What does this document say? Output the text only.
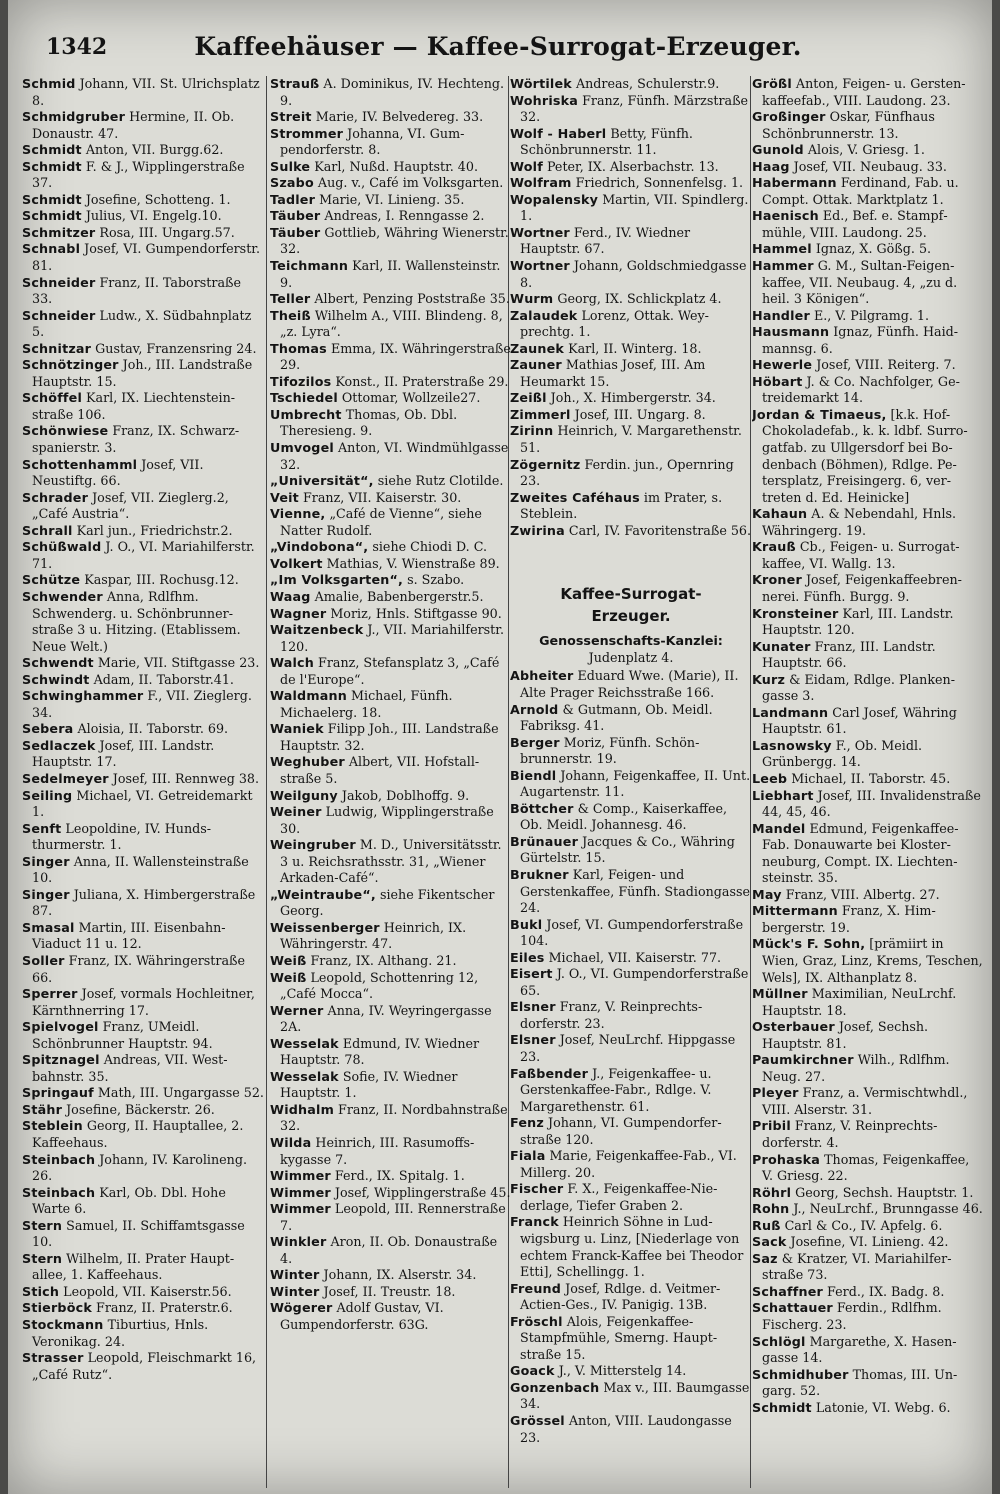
1342	Kaffeehäuser — Kaffee-Surrogat-Erzeuger.

Schmid Johann, VII. St. Ulrichsplatz 8.

Schmidgruber Hermine, II. Ob. Donaustr. 47.

Schmidt Anton, VII. Burgg.62.

Schmidt F. & J., Wipplingerstraße 37.

Schmidt Josefine, Schotteng. 1.

Schmidt Julius, VI. Engelg.10.

Schmitzer Rosa, III. Ungarg.57.

Schnabl Josef, VI. Gumpendorferstr. 81.

Schneider Franz, II. Taborstraße 33.

Schneider Ludw., X. Südbahnplatz 5.

Schnitzar Gustav, Franzensring 24.

Schnötzinger Joh., III. Landstraße Hauptstr. 15.

Schöffel Karl, IX. Liechtensteinstraße 106.

Schönwiese Franz, IX. Schwarzspanierstr. 3.

Schottenhamml Josef, VII. Neustiftg. 66.

Schrader Josef, VII. Zieglerg.2, „Café Austria“.

Schrall Karl jun., Friedrichstr.2.

Schüßwald J. O., VI. Mariahilferstr. 71.

Schütze Kaspar, III. Rochusg.12.

Schwender Anna, Rdlfhm. Schwenderg. u. Schönbrunnerstraße 3 u. Hitzing. (Etablissem. Neue Welt.)

Schwendt Marie, VII. Stiftgasse 23.

Schwindt Adam, II. Taborstr.41.

Schwinghammer F., VII. Zieglerg. 34.

Sebera Aloisia, II. Taborstr. 69.

Sedlaczek Josef, III. Landstr. Hauptstr. 17.

Sedelmeyer Josef, III. Rennweg 38.

Seiling Michael, VI. Getreidemarkt 1.

Senft Leopoldine, IV. Hundsthurmerstr. 1.

Singer Anna, II. Wallensteinstraße 10.

Singer Juliana, X. Himbergerstraße 87.

Smasal Martin, III. Eisenbahn-Viaduct 11 u. 12.

Soller Franz, IX. Währingerstraße 66.

Sperrer Josef, vormals Hochleitner, Kärnthnerring 17.

Spielvogel Franz, UMeidl. Schönbrunner Hauptstr. 94.

Spitznagel Andreas, VII. Westbahnstr. 35.

Springauf Math, III. Ungargasse 52.

Stähr Josefine, Bäckerstr. 26.

Steblein Georg, II. Hauptallee, 2. Kaffeehaus.

Steinbach Johann, IV. Karolineng. 26.

Steinbach Karl, Ob. Dbl. Hohe Warte 6.

Stern Samuel, II. Schiffamtsgasse 10.

Stern Wilhelm, II. Prater Hauptallee, 1. Kaffeehaus.

Stich Leopold, VII. Kaiserstr.56.

Stierböck Franz, II. Praterstr.6.

Stockmann Tiburtius, Hnls. Veronikag. 24.

Strasser Leopold, Fleischmarkt 16, „Café Rutz“.

Strauß A. Dominikus, IV. Hechteng. 9.

Streit Marie, IV. Belvedereg. 33.

Strommer Johanna, VI. Gumpendorferstr. 8.

Sulke Karl, Nußd. Hauptstr. 40.

Szabo Aug. v., Café im Volksgarten.

Tadler Marie, VI. Linieng. 35.

Täuber Andreas, I. Renngasse 2.

Täuber Gottlieb, Währing Wienerstr. 32.

Teichmann Karl, II. Wallensteinstr. 9.

Teller Albert, Penzing Poststraße 35.

Theiß Wilhelm A., VIII. Blindeng. 8, „z. Lyra“.

Thomas Emma, IX. Währingerstraße 29.

Tifozilos Konst., II. Praterstraße 29.

Tschiedel Ottomar, Wollzeile27.

Umbrecht Thomas, Ob. Dbl. Theresieng. 9.

Umvogel Anton, VI. Windmühlgasse 32.

„Universität“, siehe Rutz Clotilde.

Veit Franz, VII. Kaiserstr. 30.

Vienne, „Café de Vienne“, siehe Natter Rudolf.

„Vindobona“, siehe Chiodi D. C.

Volkert Mathias, V. Wienstraße 89.

„Im Volksgarten“, s. Szabo.

Waag Amalie, Babenbergerstr.5.

Wagner Moriz, Hnls. Stiftgasse 90.

Waitzenbeck J., VII. Mariahilferstr. 120.

Walch Franz, Stefansplatz 3, „Café de l'Europe“.

Waldmann Michael, Fünfh. Michaelerg. 18.

Waniek Filipp Joh., III. Landstraße Hauptstr. 32.

Weghuber Albert, VII. Hofstallstraße 5.

Weilguny Jakob, Doblhoffg. 9.

Weiner Ludwig, Wipplingerstraße 30.

Weingruber M. D., Universitätsstr. 3 u. Reichsrathsstr. 31, „Wiener Arkaden-Café“.

„Weintraube“, siehe Fikentscher Georg.

Weissenberger Heinrich, IX. Währingerstr. 47.

Weiß Franz, IX. Althang. 21.

Weiß Leopold, Schottenring 12, „Café Mocca“.

Werner Anna, IV. Weyringergasse 2A.

Wesselak Edmund, IV. Wiedner Hauptstr. 78.

Wesselak Sofie, IV. Wiedner Hauptstr. 1.

Widhalm Franz, II. Nordbahnstraße 32.

Wilda Heinrich, III. Rasumoffskygasse 7.

Wimmer Ferd., IX. Spitalg. 1.

Wimmer Josef, Wipplingerstraße 45.

Wimmer Leopold, III. Rennerstraße 7.

Winkler Aron, II. Ob. Donaustraße 4.

Winter Johann, IX. Alserstr. 34.

Winter Josef, II. Treustr. 18.

Wögerer Adolf Gustav, VI. Gumpendorferstr. 63G.

Wörtilek Andreas, Schulerstr.9.

Wohriska Franz, Fünfh. Märzstraße 32.

Wolf - Haberl Betty, Fünfh. Schönbrunnerstr. 11.

Wolf Peter, IX. Alserbachstr. 13.

Wolfram Friedrich, Sonnenfelsg. 1.

Wopalensky Martin, VII. Spindlerg. 1.

Wortner Ferd., IV. Wiedner Hauptstr. 67.

Wortner Johann, Goldschmiedgasse 8.

Wurm Georg, IX. Schlickplatz 4.

Zalaudek Lorenz, Ottak. Weyprechtg. 1.

Zaunek Karl, II. Winterg. 18.

Zauner Mathias Josef, III. Am Heumarkt 15.

Zeißl Joh., X. Himbergerstr. 34.

Zimmerl Josef, III. Ungarg. 8.

Zirinn Heinrich, V. Margarethenstr. 51.

Zögernitz Ferdin. jun., Opernring 23.

Zweites Caféhaus im Prater, s. Steblein.

Zwirina Carl, IV. Favoritenstraße 56.

Kaffee-Surrogat-
Erzeuger.
Genossenschafts-Kanzlei:
Judenplatz 4.

Abheiter Eduard Wwe. (Marie), II. Alte Prager Reichsstraße 166.

Arnold & Gutmann, Ob. Meidl. Fabriksg. 41.

Berger Moriz, Fünfh. Schönbrunnerstr. 19.

Biendl Johann, Feigenkaffee, II. Unt. Augartenstr. 11.

Böttcher & Comp., Kaiserkaffee, Ob. Meidl. Johannesg. 46.

Brünauer Jacques & Co., Währing Gürtelstr. 15.

Brukner Karl, Feigen- und Gerstenkaffee, Fünfh. Stadiongasse 24.

Bukl Josef, VI. Gumpendorferstraße 104.

Eiles Michael, VII. Kaiserstr. 77.

Eisert J. O., VI. Gumpendorferstraße 65.

Elsner Franz, V. Reinprechtsdorferstr. 23.

Elsner Josef, NeuLrchf. Hippgasse 23.

Faßbender J., Feigenkaffee- u. Gerstenkaffee-Fabr., Rdlge. V. Margarethenstr. 61.

Fenz Johann, VI. Gumpendorferstraße 120.

Fiala Marie, Feigenkaffee-Fab., VI. Millerg. 20.

Fischer F. X., Feigenkaffee-Niederlage, Tiefer Graben 2.

Franck Heinrich Söhne in Ludwigsburg u. Linz, [Niederlage von echtem Franck-Kaffee bei Theodor Etti], Schellingg. 1.

Freund Josef, Rdlge. d. Veitmer-Actien-Ges., IV. Panigig. 13B.

Fröschl Alois, Feigenkaffee-Stampfmühle, Smerng. Hauptstraße 15.

Goack J., V. Mitterstelg 14.

Gonzenbach Max v., III. Baumgasse 34.

Grössel Anton, VIII. Laudongasse 23.

Größl Anton, Feigen- u. Gerstenkaffeefab., VIII. Laudong. 23.

Großinger Oskar, Fünfhaus Schönbrunnerstr. 13.

Gunold Alois, V. Griesg. 1.

Haag Josef, VII. Neubaug. 33.

Habermann Ferdinand, Fab. u. Compt. Ottak. Marktplatz 1.

Haenisch Ed., Bef. e. Stampfmühle, VIII. Laudong. 25.

Hammel Ignaz, X. Gößg. 5.

Hammer G. M., Sultan-Feigenkaffee, VII. Neubaug. 4, „zu d. heil. 3 Königen“.

Handler E., V. Pilgramg. 1.

Hausmann Ignaz, Fünfh. Haidmannsg. 6.

Hewerle Josef, VIII. Reiterg. 7.

Höbart J. & Co. Nachfolger, Getreidemarkt 14.

Jordan & Timaeus, [k.k. Hof-Chokoladefab., k. k. ldbf. Surrogatfab. zu Ullgersdorf bei Bodenbach (Böhmen), Rdlge. Petersplatz, Freisingerg. 6, vertreten d. Ed. Heinicke]

Kahaun A. & Nebendahl, Hnls. Währingerg. 19.

Krauß Cb., Feigen- u. Surrogatkaffee, VI. Wallg. 13.

Kroner Josef, Feigenkaffeebrennerei. Fünfh. Burgg. 9.

Kronsteiner Karl, III. Landstr. Hauptstr. 120.

Kunater Franz, III. Landstr. Hauptstr. 66.

Kurz & Eidam, Rdlge. Plankengasse 3.

Landmann Carl Josef, Währing Hauptstr. 61.

Lasnowsky F., Ob. Meidl. Grünbergg. 14.

Leeb Michael, II. Taborstr. 45.

Liebhart Josef, III. Invalidenstraße 44, 45, 46.

Mandel Edmund, Feigenkaffee-Fab. Donauwarte bei Klosterneuburg, Compt. IX. Liechtensteinstr. 35.

May Franz, VIII. Albertg. 27.

Mittermann Franz, X. Himbergerstr. 19.

Mück's F. Sohn, [prämiirt in Wien, Graz, Linz, Krems, Teschen, Wels], IX. Althanplatz 8.

Müllner Maximilian, NeuLrchf. Hauptstr. 18.

Osterbauer Josef, Sechsh. Hauptstr. 81.

Paumkirchner Wilh., Rdlfhm. Neug. 27.

Pleyer Franz, a. Vermischtwhdl., VIII. Alserstr. 31.

Pribil Franz, V. Reinprechtsdorferstr. 4.

Prohaska Thomas, Feigenkaffee, V. Griesg. 22.

Röhrl Georg, Sechsh. Hauptstr. 1.

Rohn J., NeuLrchf., Brunngasse 46.

Ruß Carl & Co., IV. Apfelg. 6.

Sack Josefine, VI. Linieng. 42.

Saz & Kratzer, VI. Mariahilferstraße 73.

Schaffner Ferd., IX. Badg. 8.

Schattauer Ferdin., Rdlfhm. Fischerg. 23.

Schlögl Margarethe, X. Hasengasse 14.

Schmidhuber Thomas, III. Ungarg. 52.

Schmidt Latonie, VI. Webg. 6.
